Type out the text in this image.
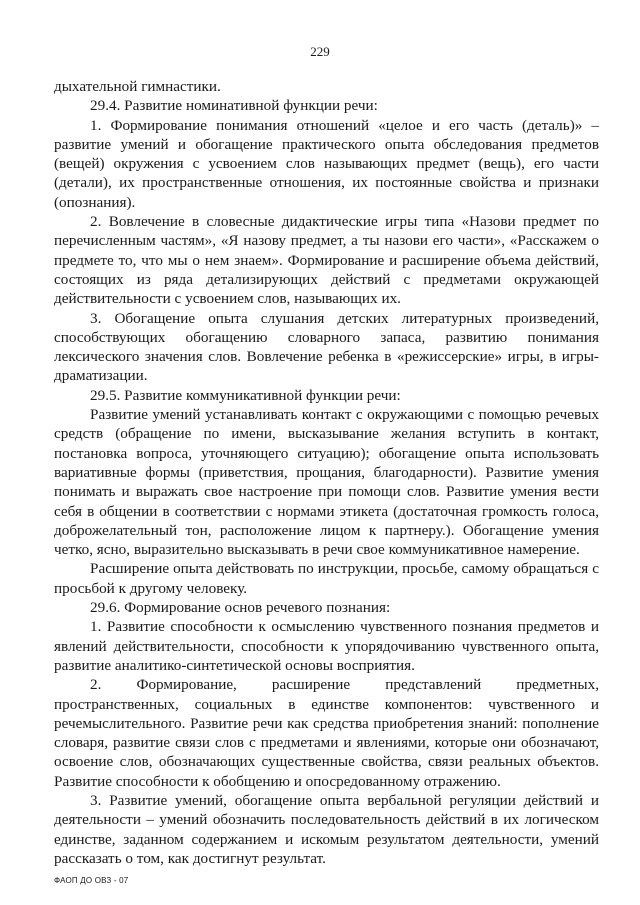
229

дыхательной гимнастики.

29.4. Развитие номинативной функции речи:

1. Формирование понимания отношений «целое и его часть (деталь)» – развитие умений и обогащение практического опыта обследования предметов (вещей) окружения с усвоением слов называющих предмет (вещь), его части (детали), их пространственные отношения, их постоянные свойства и признаки (опознания).

2. Вовлечение в словесные дидактические игры типа «Назови предмет по перечисленным частям», «Я назову предмет, а ты назови его части», «Расскажем о предмете то, что мы о нем знаем». Формирование и расширение объема действий, состоящих из ряда детализирующих действий с предметами окружающей действительности с усвоением слов, называющих их.

3. Обогащение опыта слушания детских литературных произведений, способствующих обогащению словарного запаса, развитию понимания лексического значения слов. Вовлечение ребенка в «режиссерские» игры, в игры-драматизации.

29.5. Развитие коммуникативной функции речи:

Развитие умений устанавливать контакт с окружающими с помощью речевых средств (обращение по имени, высказывание желания вступить в контакт, постановка вопроса, уточняющего ситуацию); обогащение опыта использовать вариативные формы (приветствия, прощания, благодарности). Развитие умения понимать и выражать свое настроение при помощи слов. Развитие умения вести себя в общении в соответствии с нормами этикета (достаточная громкость голоса, доброжелательный тон, расположение лицом к партнеру.). Обогащение умения четко, ясно, выразительно высказывать в речи свое коммуникативное намерение.

Расширение опыта действовать по инструкции, просьбе, самому обращаться с просьбой к другому человеку.

29.6. Формирование основ речевого познания:

1. Развитие способности к осмыслению чувственного познания предметов и явлений действительности, способности к упорядочиванию чувственного опыта, развитие аналитико-синтетической основы восприятия.

2. Формирование, расширение представлений предметных, пространственных, социальных в единстве компонентов: чувственного и речемыслительного. Развитие речи как средства приобретения знаний: пополнение словаря, развитие связи слов с предметами и явлениями, которые они обозначают, освоение слов, обозначающих существенные свойства, связи реальных объектов. Развитие способности к обобщению и опосредованному отражению.

3. Развитие умений, обогащение опыта вербальной регуляции действий и деятельности – умений обозначить последовательность действий в их логическом единстве, заданном содержанием и искомым результатом деятельности, умений рассказать о том, как достигнут результат.

ФАОП ДО ОВЗ - 07
